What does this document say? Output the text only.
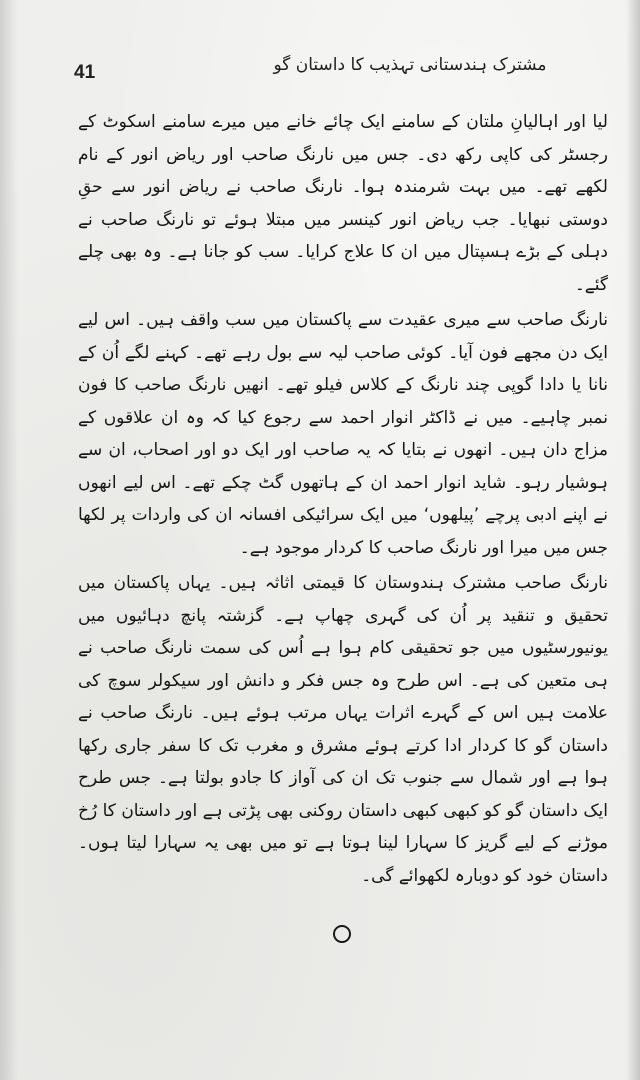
41	مشترک ہندستانی تہذیب کا داستان گو

لیا اور اہالیانِ ملتان کے سامنے ایک چائے خانے میں میرے سامنے اسکوٹ کے رجسٹر کی کاپی رکھ دی۔ جس میں نارنگ صاحب اور ریاض انور کے نام لکھے تھے۔ میں بہت شرمندہ ہوا۔ نارنگ صاحب نے ریاض انور سے حقِ دوستی نبھایا۔ جب ریاض انور کینسر میں مبتلا ہوئے تو نارنگ صاحب نے دہلی کے بڑے ہسپتال میں ان کا علاج کرایا۔ سب کو جانا ہے۔ وہ بھی چلے گئے۔

نارنگ صاحب سے میری عقیدت سے پاکستان میں سب واقف ہیں۔ اس لیے ایک دن مجھے فون آیا۔ کوئی صاحب لیہ سے بول رہے تھے۔ کہنے لگے اُن کے نانا یا دادا گوپی چند نارنگ کے کلاس فیلو تھے۔ انھیں نارنگ صاحب کا فون نمبر چاہیے۔ میں نے ڈاکٹر انوار احمد سے رجوع کیا کہ وہ ان علاقوں کے مزاج دان ہیں۔ انھوں نے بتایا کہ یہ صاحب اور ایک دو اور اصحاب، ان سے ہوشیار رہو۔ شاید انوار احمد ان کے ہاتھوں گٹ چکے تھے۔ اس لیے انھوں نے اپنے ادبی پرچے ’پیلھوں‘ میں ایک سرائیکی افسانہ ان کی واردات پر لکھا جس میں میرا اور نارنگ صاحب کا کردار موجود ہے۔

نارنگ صاحب مشترک ہندوستان کا قیمتی اثاثہ ہیں۔ یہاں پاکستان میں تحقیق و تنقید پر اُن کی گہری چھاپ ہے۔ گزشتہ پانچ دہائیوں میں یونیورسٹیوں میں جو تحقیقی کام ہوا ہے اُس کی سمت نارنگ صاحب نے ہی متعین کی ہے۔ اس طرح وہ جس فکر و دانش اور سیکولر سوچ کی علامت ہیں اس کے گہرے اثرات یہاں مرتب ہوئے ہیں۔ نارنگ صاحب نے داستان گو کا کردار ادا کرتے ہوئے مشرق و مغرب تک کا سفر جاری رکھا ہوا ہے اور شمال سے جنوب تک ان کی آواز کا جادو بولتا ہے۔ جس طرح ایک داستان گو کو کبھی کبھی داستان روکنی بھی پڑتی ہے اور داستان کا رُخ موڑنے کے لیے گریز کا سہارا لینا ہوتا ہے تو میں بھی یہ سہارا لیتا ہوں۔ داستان خود کو دوبارہ لکھوائے گی۔
